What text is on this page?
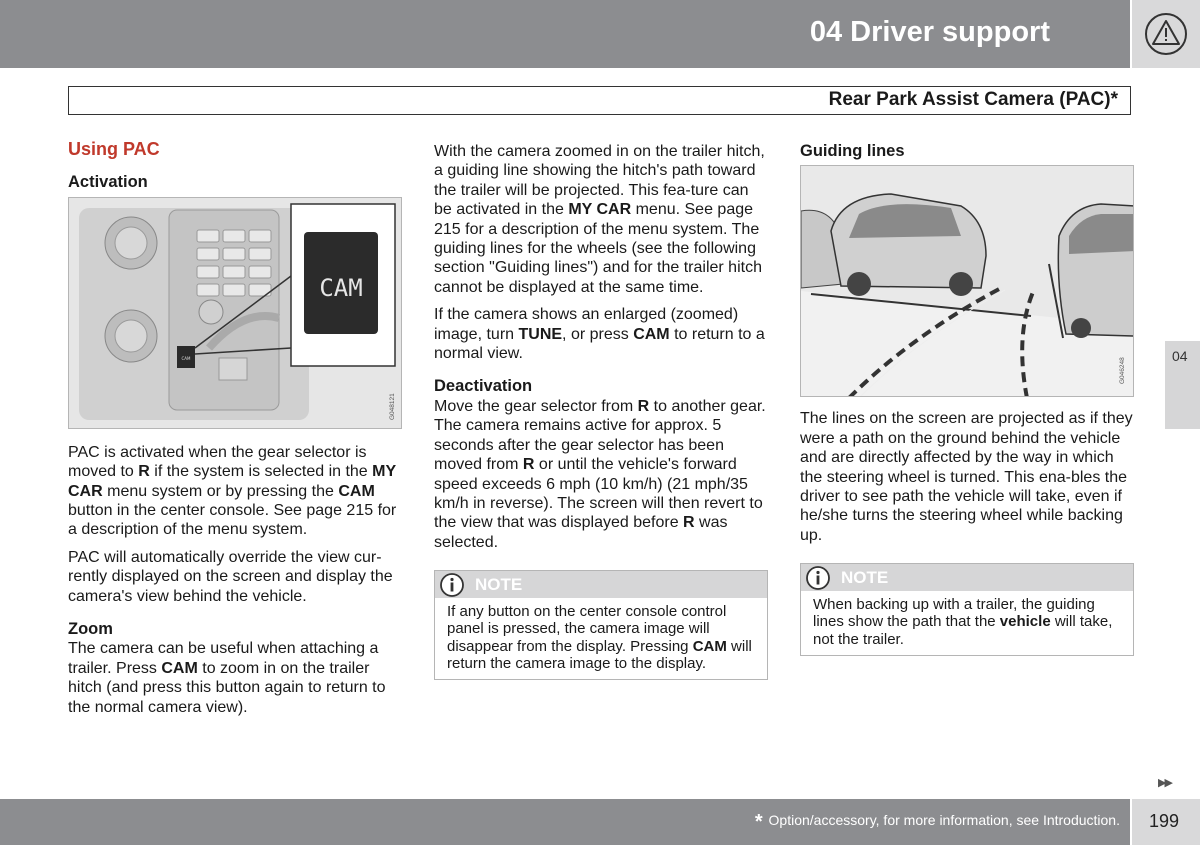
04 Driver support
Rear Park Assist Camera (PAC)*
Using PAC
Activation
CAM
CAM
G048121

PAC is activated when the gear selector is moved to R if the system is selected in the MY CAR menu system or by pressing the CAM button in the center console. See page 215 for a description of the menu system.

PAC will automatically override the view cur-rently displayed on the screen and display the camera's view behind the vehicle.

Zoom

The camera can be useful when attaching a trailer. Press CAM to zoom in on the trailer hitch (and press this button again to return to the normal camera view).

With the camera zoomed in on the trailer hitch, a guiding line showing the hitch's path toward the trailer will be projected. This fea-ture can be activated in the MY CAR menu. See page 215 for a description of the menu system. The guiding lines for the wheels (see the following section "Guiding lines") and for the trailer hitch cannot be displayed at the same time.

If the camera shows an enlarged (zoomed) image, turn TUNE, or press CAM to return to a normal view.

Deactivation

Move the gear selector from R to another gear. The camera remains active for approx. 5 seconds after the gear selector has been moved from R or until the vehicle's forward speed exceeds 6 mph (10 km/h) (21 mph/35 km/h in reverse). The screen will then revert to the view that was displayed before R was selected.

NOTE
If any button on the center console control panel is pressed, the camera image will disappear from the display. Pressing CAM will return the camera image to the display.
Guiding lines
G046248

The lines on the screen are projected as if they were a path on the ground behind the vehicle and are directly affected by the way in which the steering wheel is turned. This ena-bles the driver to see path the vehicle will take, even if he/she turns the steering wheel while backing up.

NOTE
When backing up with a trailer, the guiding lines show the path that the vehicle will take, not the trailer.
04
▶▶
* Option/accessory, for more information, see Introduction. 199
